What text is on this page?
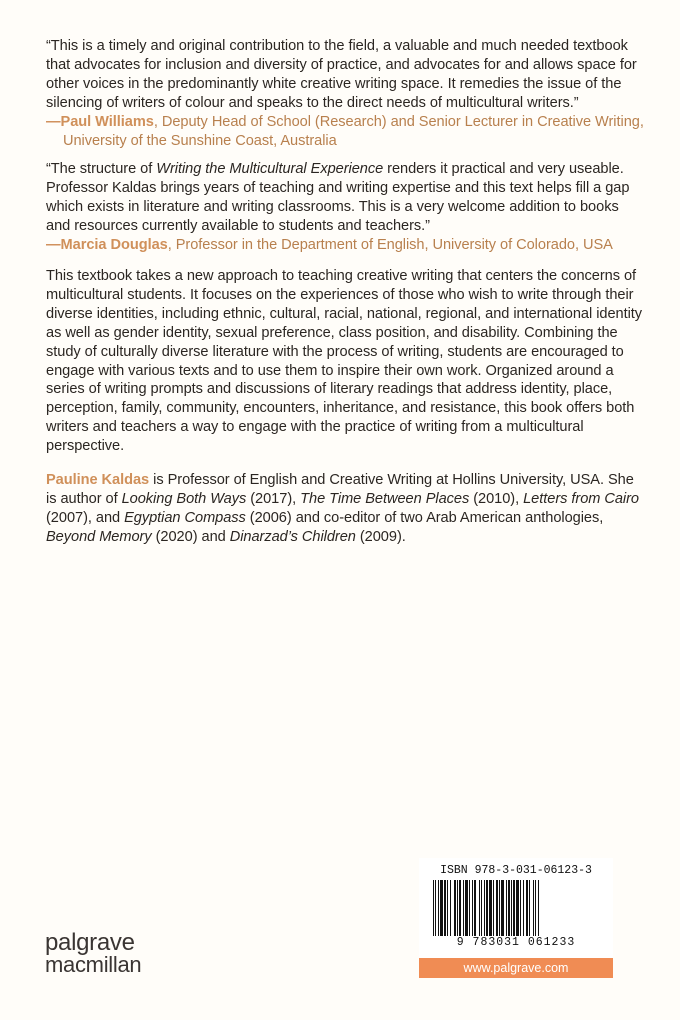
“This is a timely and original contribution to the field, a valuable and much needed textbook that advocates for inclusion and diversity of practice, and advocates for and allows space for other voices in the predominantly white creative writing space. It remedies the issue of the silencing of writers of colour and speaks to the direct needs of multicultural writers.”

—Paul Williams, Deputy Head of School (Research) and Senior Lecturer in Creative Writing, University of the Sunshine Coast, Australia

“The structure of Writing the Multicultural Experience renders it practical and very useable. Professor Kaldas brings years of teaching and writing expertise and this text helps fill a gap which exists in literature and writing classrooms. This is a very welcome addition to books and resources currently available to students and teachers.”

—Marcia Douglas, Professor in the Department of English, University of Colorado, USA

This textbook takes a new approach to teaching creative writing that centers the concerns of multicultural students. It focuses on the experiences of those who wish to write through their diverse identities, including ethnic, cultural, racial, national, regional, and international identity as well as gender identity, sexual preference, class position, and disability. Combining the study of culturally diverse literature with the process of writing, students are encouraged to engage with various texts and to use them to inspire their own work. Organized around a series of writing prompts and discussions of literary readings that address identity, place, perception, family, community, encounters, inheritance, and resistance, this book offers both writers and teachers a way to engage with the practice of writing from a multicultural perspective.

Pauline Kaldas is Professor of English and Creative Writing at Hollins University, USA. She is author of Looking Both Ways (2017), The Time Between Places (2010), Letters from Cairo (2007), and Egyptian Compass (2006) and co-editor of two Arab American anthologies, Beyond Memory (2020) and Dinarzad’s Children (2009).

palgrave
macmillan
ISBN 978-3-031-06123-3
9 783031 061233
www.palgrave.com
